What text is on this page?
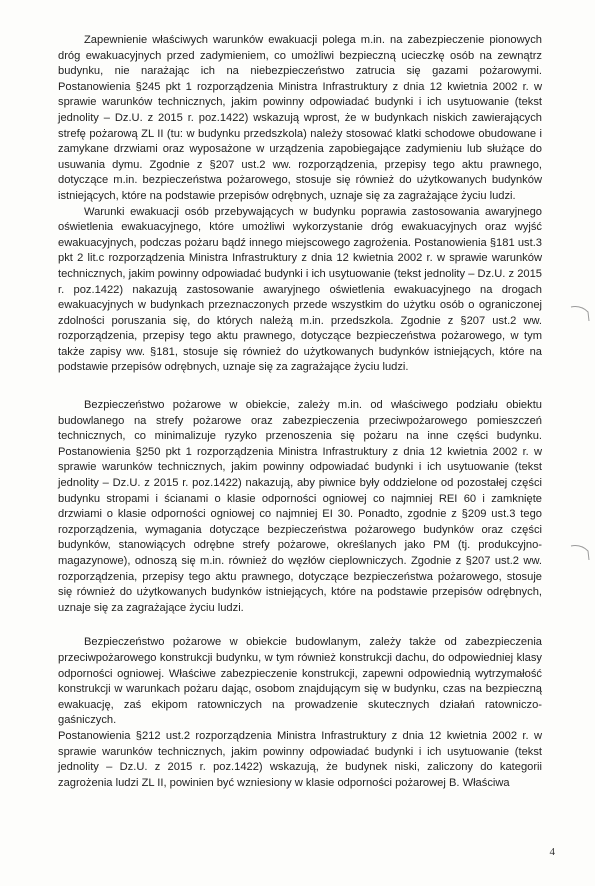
Zapewnienie właściwych warunków ewakuacji polega m.in. na zabezpieczenie pionowych dróg ewakuacyjnych przed zadymieniem, co umożliwi bezpieczną ucieczkę osób na zewnątrz budynku, nie narażając ich na niebezpieczeństwo zatrucia się gazami pożarowymi. Postanowienia §245 pkt 1 rozporządzenia Ministra Infrastruktury z dnia 12 kwietnia 2002 r. w sprawie warunków technicznych, jakim powinny odpowiadać budynki i ich usytuowanie (tekst jednolity – Dz.U. z 2015 r. poz.1422) wskazują wprost, że w budynkach niskich zawierających strefę pożarową ZL II (tu: w budynku przedszkola) należy stosować klatki schodowe obudowane i zamykane drzwiami oraz wyposażone w urządzenia zapobiegające zadymieniu lub służące do usuwania dymu. Zgodnie z §207 ust.2 ww. rozporządzenia, przepisy tego aktu prawnego, dotyczące m.in. bezpieczeństwa pożarowego, stosuje się również do użytkowanych budynków istniejących, które na podstawie przepisów odrębnych, uznaje się za zagrażające życiu ludzi.

Warunki ewakuacji osób przebywających w budynku poprawia zastosowania awaryjnego oświetlenia ewakuacyjnego, które umożliwi wykorzystanie dróg ewakuacyjnych oraz wyjść ewakuacyjnych, podczas pożaru bądź innego miejscowego zagrożenia. Postanowienia §181 ust.3 pkt 2 lit.c rozporządzenia Ministra Infrastruktury z dnia 12 kwietnia 2002 r. w sprawie warunków technicznych, jakim powinny odpowiadać budynki i ich usytuowanie (tekst jednolity – Dz.U. z 2015 r. poz.1422) nakazują zastosowanie awaryjnego oświetlenia ewakuacyjnego na drogach ewakuacyjnych w budynkach przeznaczonych przede wszystkim do użytku osób o ograniczonej zdolności poruszania się, do których należą m.in. przedszkola. Zgodnie z §207 ust.2 ww. rozporządzenia, przepisy tego aktu prawnego, dotyczące bezpieczeństwa pożarowego, w tym także zapisy ww. §181, stosuje się również do użytkowanych budynków istniejących, które na podstawie przepisów odrębnych, uznaje się za zagrażające życiu ludzi.

Bezpieczeństwo pożarowe w obiekcie, zależy m.in. od właściwego podziału obiektu budowlanego na strefy pożarowe oraz zabezpieczenia przeciwpożarowego pomieszczeń technicznych, co minimalizuje ryzyko przenoszenia się pożaru na inne części budynku. Postanowienia §250 pkt 1 rozporządzenia Ministra Infrastruktury z dnia 12 kwietnia 2002 r. w sprawie warunków technicznych, jakim powinny odpowiadać budynki i ich usytuowanie (tekst jednolity – Dz.U. z 2015 r. poz.1422) nakazują, aby piwnice były oddzielone od pozostałej części budynku stropami i ścianami o klasie odporności ogniowej co najmniej REI 60 i zamknięte drzwiami o klasie odporności ogniowej co najmniej EI 30. Ponadto, zgodnie z §209 ust.3 tego rozporządzenia, wymagania dotyczące bezpieczeństwa pożarowego budynków oraz części budynków, stanowiących odrębne strefy pożarowe, określanych jako PM (tj. produkcyjno-magazynowe), odnoszą się m.in. również do węzłów cieplowniczych. Zgodnie z §207 ust.2 ww. rozporządzenia, przepisy tego aktu prawnego, dotyczące bezpieczeństwa pożarowego, stosuje się również do użytkowanych budynków istniejących, które na podstawie przepisów odrębnych, uznaje się za zagrażające życiu ludzi.

Bezpieczeństwo pożarowe w obiekcie budowlanym, zależy także od zabezpieczenia przeciwpożarowego konstrukcji budynku, w tym również konstrukcji dachu, do odpowiedniej klasy odporności ogniowej. Właściwe zabezpieczenie konstrukcji, zapewni odpowiednią wytrzymałość konstrukcji w warunkach pożaru dając, osobom znajdującym się w budynku, czas na bezpieczną ewakuację, zaś ekipom ratowniczych na prowadzenie skutecznych działań ratowniczo-gaśniczych.

Postanowienia §212 ust.2 rozporządzenia Ministra Infrastruktury z dnia 12 kwietnia 2002 r. w sprawie warunków technicznych, jakim powinny odpowiadać budynki i ich usytuowanie (tekst jednolity – Dz.U. z 2015 r. poz.1422) wskazują, że budynek niski, zaliczony do kategorii zagrożenia ludzi ZL II, powinien być wzniesiony w klasie odporności pożarowej B. Właściwa

4
